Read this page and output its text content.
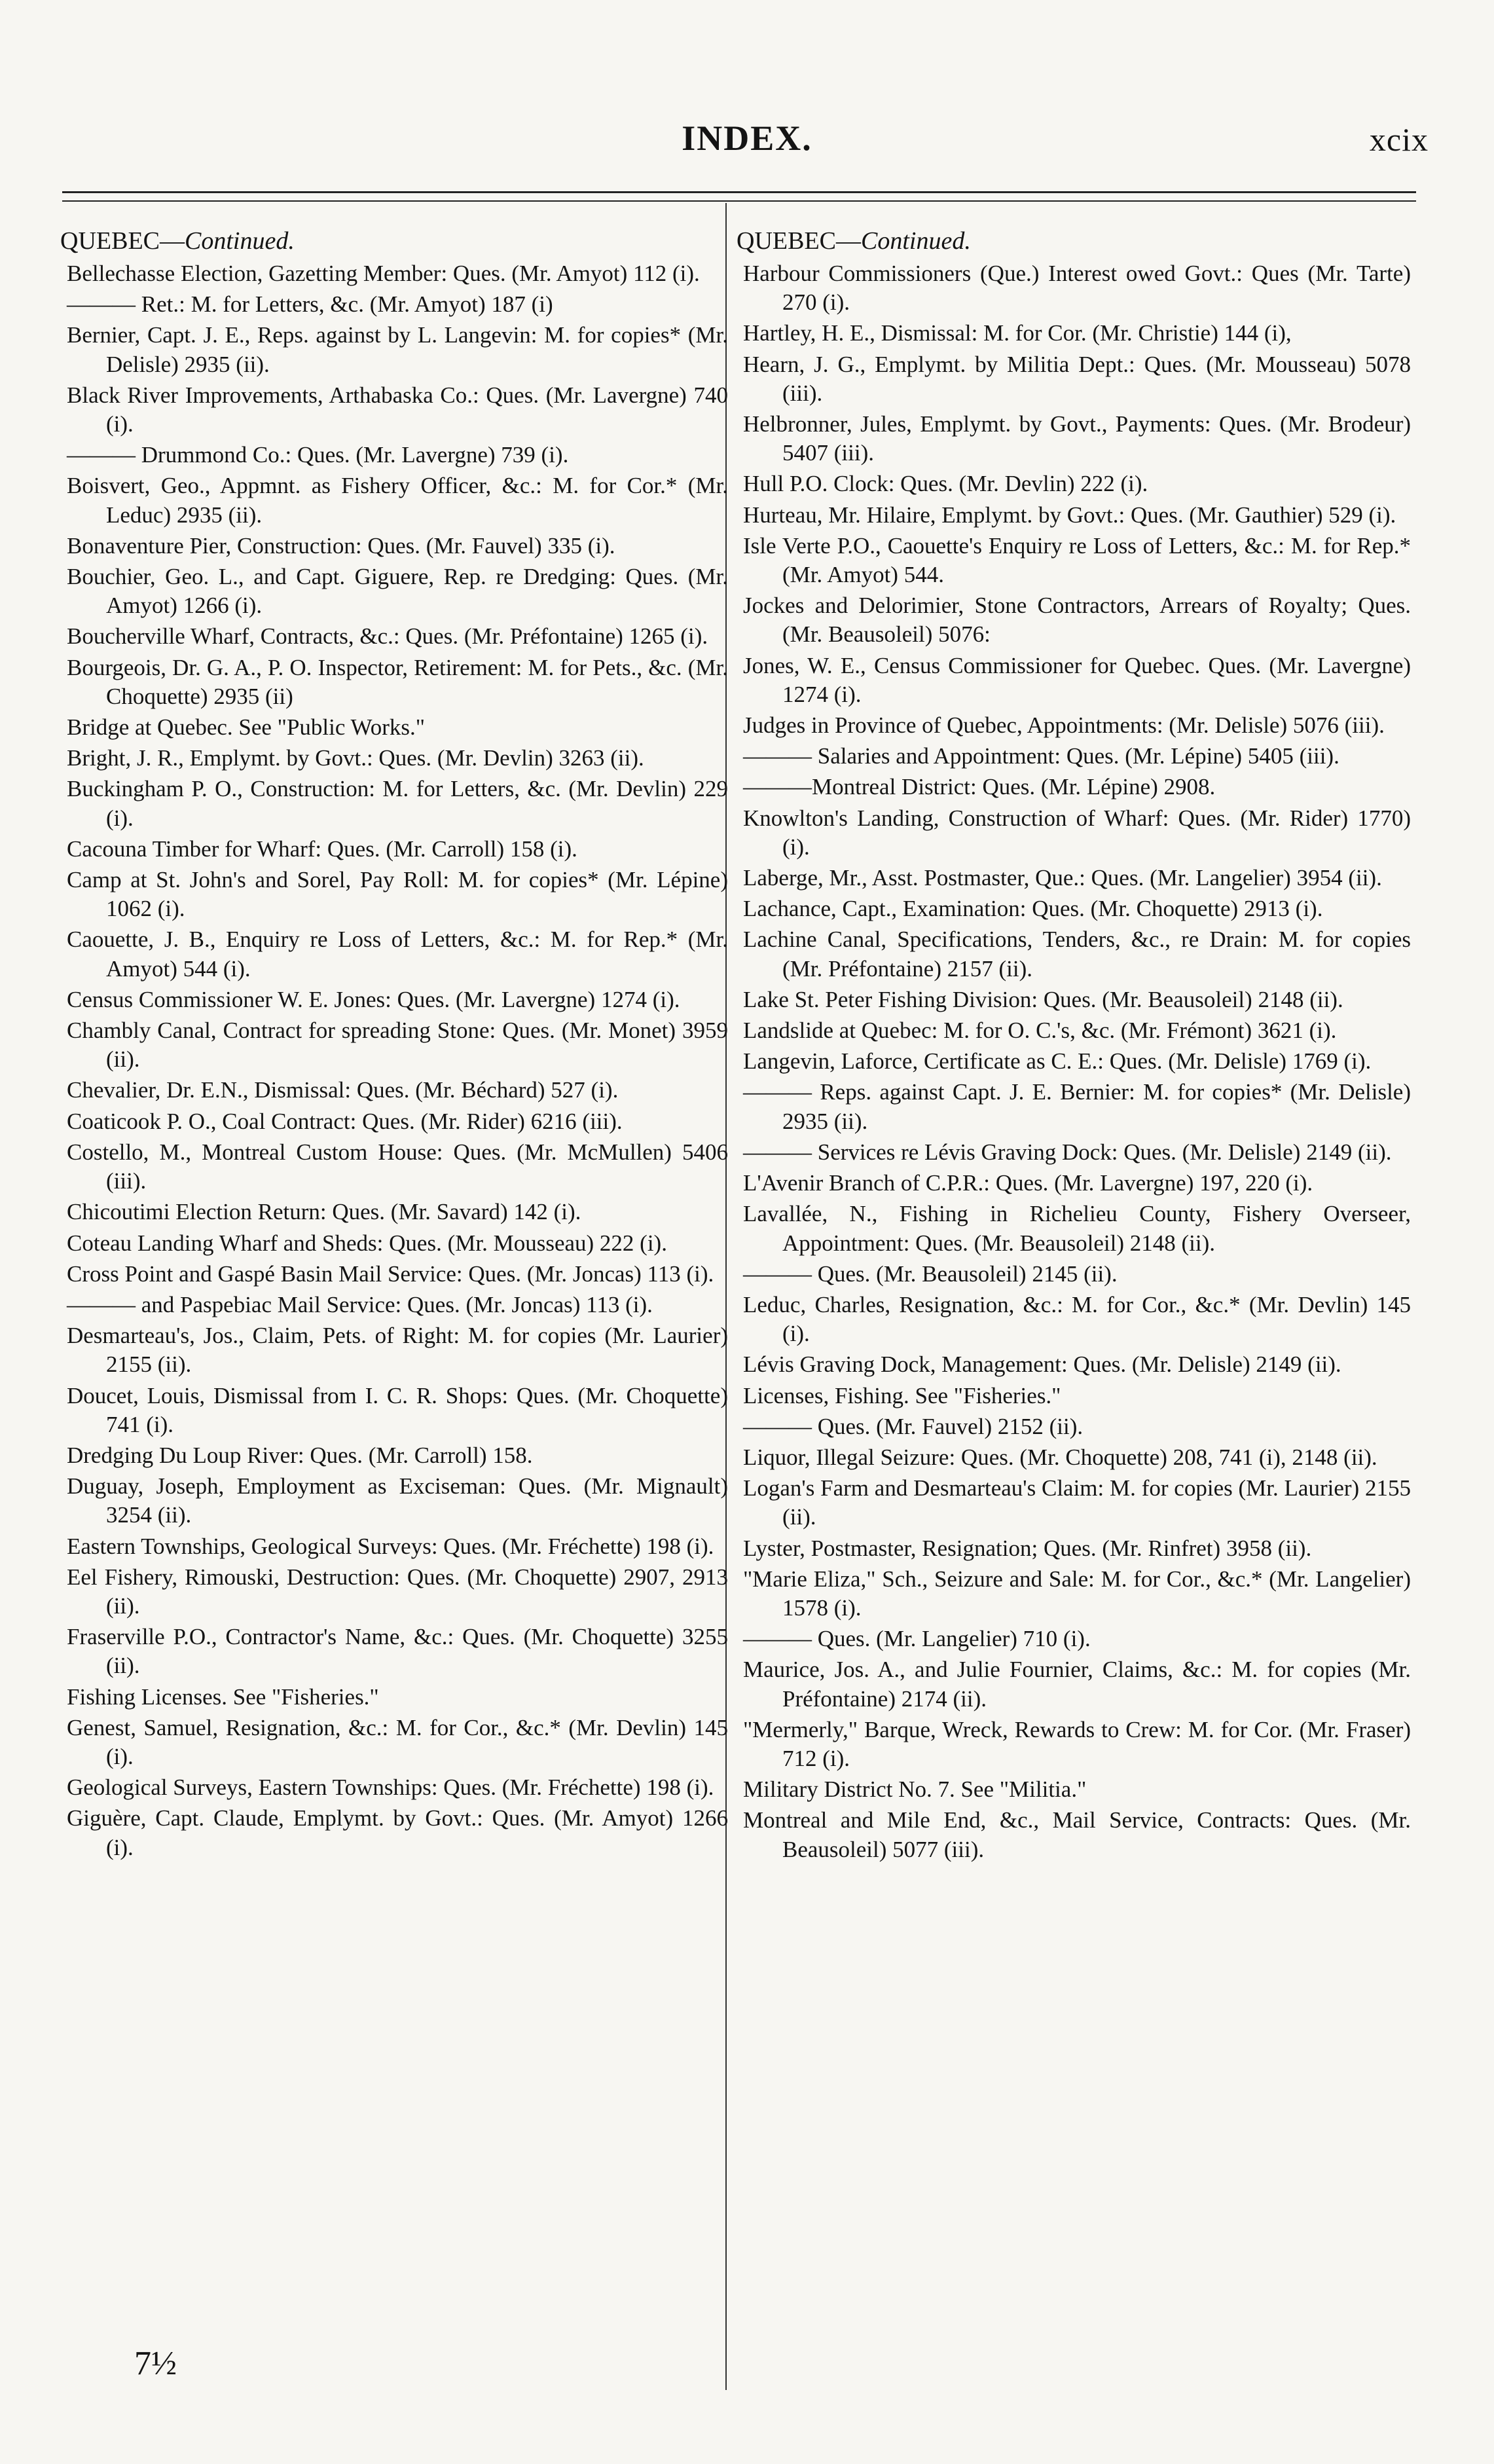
INDEX.	xcix

QUEBEC—Continued.

Bellechasse Election, Gazetting Member: Ques. (Mr. Amyot) 112 (i).
——— Ret.: M. for Letters, &c. (Mr. Amyot) 187 (i)
Bernier, Capt. J. E., Reps. against by L. Langevin: M. for copies* (Mr. Delisle) 2935 (ii).
Black River Improvements, Arthabaska Co.: Ques. (Mr. Lavergne) 740 (i).
——— Drummond Co.: Ques. (Mr. Lavergne) 739 (i).
Boisvert, Geo., Appmnt. as Fishery Officer, &c.: M. for Cor.* (Mr. Leduc) 2935 (ii).
Bonaventure Pier, Construction: Ques. (Mr. Fauvel) 335 (i).
Bouchier, Geo. L., and Capt. Giguere, Rep. re Dredging: Ques. (Mr. Amyot) 1266 (i).
Boucherville Wharf, Contracts, &c.: Ques. (Mr. Préfontaine) 1265 (i).
Bourgeois, Dr. G. A., P. O. Inspector, Retirement: M. for Pets., &c. (Mr. Choquette) 2935 (ii)
Bridge at Quebec. See "Public Works."
Bright, J. R., Emplymt. by Govt.: Ques. (Mr. Devlin) 3263 (ii).
Buckingham P. O., Construction: M. for Letters, &c. (Mr. Devlin) 229 (i).
Cacouna Timber for Wharf: Ques. (Mr. Carroll) 158 (i).
Camp at St. John's and Sorel, Pay Roll: M. for copies* (Mr. Lépine) 1062 (i).
Caouette, J. B., Enquiry re Loss of Letters, &c.: M. for Rep.* (Mr. Amyot) 544 (i).
Census Commissioner W. E. Jones: Ques. (Mr. Lavergne) 1274 (i).
Chambly Canal, Contract for spreading Stone: Ques. (Mr. Monet) 3959 (ii).
Chevalier, Dr. E.N., Dismissal: Ques. (Mr. Béchard) 527 (i).
Coaticook P. O., Coal Contract: Ques. (Mr. Rider) 6216 (iii).
Costello, M., Montreal Custom House: Ques. (Mr. McMullen) 5406 (iii).
Chicoutimi Election Return: Ques. (Mr. Savard) 142 (i).
Coteau Landing Wharf and Sheds: Ques. (Mr. Mousseau) 222 (i).
Cross Point and Gaspé Basin Mail Service: Ques. (Mr. Joncas) 113 (i).
——— and Paspebiac Mail Service: Ques. (Mr. Joncas) 113 (i).
Desmarteau's, Jos., Claim, Pets. of Right: M. for copies (Mr. Laurier) 2155 (ii).
Doucet, Louis, Dismissal from I. C. R. Shops: Ques. (Mr. Choquette) 741 (i).
Dredging Du Loup River: Ques. (Mr. Carroll) 158.
Duguay, Joseph, Employment as Exciseman: Ques. (Mr. Mignault) 3254 (ii).
Eastern Townships, Geological Surveys: Ques. (Mr. Fréchette) 198 (i).
Eel Fishery, Rimouski, Destruction: Ques. (Mr. Choquette) 2907, 2913 (ii).
Fraserville P.O., Contractor's Name, &c.: Ques. (Mr. Choquette) 3255 (ii).
Fishing Licenses. See "Fisheries."
Genest, Samuel, Resignation, &c.: M. for Cor., &c.* (Mr. Devlin) 145 (i).
Geological Surveys, Eastern Townships: Ques. (Mr. Fréchette) 198 (i).
Giguère, Capt. Claude, Emplymt. by Govt.: Ques. (Mr. Amyot) 1266 (i).

QUEBEC—Continued.

Harbour Commissioners (Que.) Interest owed Govt.: Ques (Mr. Tarte) 270 (i).
Hartley, H. E., Dismissal: M. for Cor. (Mr. Christie) 144 (i),
Hearn, J. G., Emplymt. by Militia Dept.: Ques. (Mr. Mousseau) 5078 (iii).
Helbronner, Jules, Emplymt. by Govt., Payments: Ques. (Mr. Brodeur) 5407 (iii).
Hull P.O. Clock: Ques. (Mr. Devlin) 222 (i).
Hurteau, Mr. Hilaire, Emplymt. by Govt.: Ques. (Mr. Gauthier) 529 (i).
Isle Verte P.O., Caouette's Enquiry re Loss of Letters, &c.: M. for Rep.* (Mr. Amyot) 544.
Jockes and Delorimier, Stone Contractors, Arrears of Royalty; Ques. (Mr. Beausoleil) 5076:
Jones, W. E., Census Commissioner for Quebec. Ques. (Mr. Lavergne) 1274 (i).
Judges in Province of Quebec, Appointments: (Mr. Delisle) 5076 (iii).
——— Salaries and Appointment: Ques. (Mr. Lépine) 5405 (iii).
———Montreal District: Ques. (Mr. Lépine) 2908.
Knowlton's Landing, Construction of Wharf: Ques. (Mr. Rider) 1770) (i).
Laberge, Mr., Asst. Postmaster, Que.: Ques. (Mr. Langelier) 3954 (ii).
Lachance, Capt., Examination: Ques. (Mr. Choquette) 2913 (i).
Lachine Canal, Specifications, Tenders, &c., re Drain: M. for copies (Mr. Préfontaine) 2157 (ii).
Lake St. Peter Fishing Division: Ques. (Mr. Beausoleil) 2148 (ii).
Landslide at Quebec: M. for O. C.'s, &c. (Mr. Frémont) 3621 (i).
Langevin, Laforce, Certificate as C. E.: Ques. (Mr. Delisle) 1769 (i).
——— Reps. against Capt. J. E. Bernier: M. for copies* (Mr. Delisle) 2935 (ii).
——— Services re Lévis Graving Dock: Ques. (Mr. Delisle) 2149 (ii).
L'Avenir Branch of C.P.R.: Ques. (Mr. Lavergne) 197, 220 (i).
Lavallée, N., Fishing in Richelieu County, Fishery Overseer, Appointment: Ques. (Mr. Beausoleil) 2148 (ii).
——— Ques. (Mr. Beausoleil) 2145 (ii).
Leduc, Charles, Resignation, &c.: M. for Cor., &c.* (Mr. Devlin) 145 (i).
Lévis Graving Dock, Management: Ques. (Mr. Delisle) 2149 (ii).
Licenses, Fishing. See "Fisheries."
——— Ques. (Mr. Fauvel) 2152 (ii).
Liquor, Illegal Seizure: Ques. (Mr. Choquette) 208, 741 (i), 2148 (ii).
Logan's Farm and Desmarteau's Claim: M. for copies (Mr. Laurier) 2155 (ii).
Lyster, Postmaster, Resignation; Ques. (Mr. Rinfret) 3958 (ii).
"Marie Eliza," Sch., Seizure and Sale: M. for Cor., &c.* (Mr. Langelier) 1578 (i).
——— Ques. (Mr. Langelier) 710 (i).
Maurice, Jos. A., and Julie Fournier, Claims, &c.: M. for copies (Mr. Préfontaine) 2174 (ii).
"Mermerly," Barque, Wreck, Rewards to Crew: M. for Cor. (Mr. Fraser) 712 (i).
Military District No. 7. See "Militia."
Montreal and Mile End, &c., Mail Service, Contracts: Ques. (Mr. Beausoleil) 5077 (iii).
7½
